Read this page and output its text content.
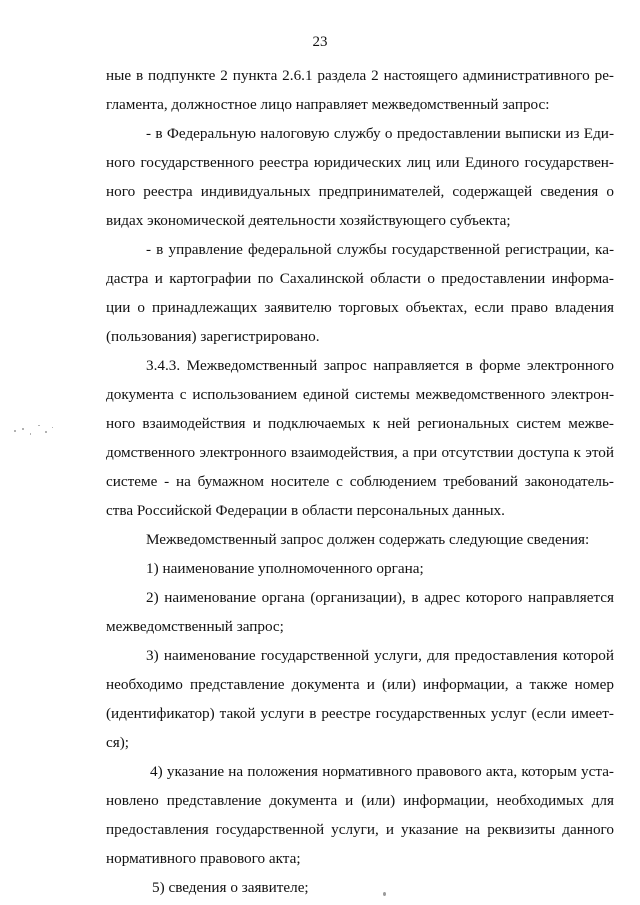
23
ные в подпункте 2 пункта 2.6.1 раздела 2 настоящего административного ре-
гламента, должностное лицо направляет межведомственный запрос:
- в Федеральную налоговую службу о предоставлении выписки из Еди-
ного государственного реестра юридических лиц или Единого государствен-
ного реестра индивидуальных предпринимателей, содержащей сведения о
видах экономической деятельности хозяйствующего субъекта;
- в управление федеральной службы государственной регистрации, ка-
дастра и картографии по Сахалинской области о предоставлении информа-
ции о принадлежащих заявителю торговых объектах, если право владения
(пользования) зарегистрировано.
3.4.3. Межведомственный запрос направляется в форме электронного
документа с использованием единой системы межведомственного электрон-
ного взаимодействия и подключаемых к ней региональных систем межве-
домственного электронного взаимодействия, а при отсутствии доступа к этой
системе - на бумажном носителе с соблюдением требований законодатель-
ства Российской Федерации в области персональных данных.
Межведомственный запрос должен содержать следующие сведения:
1) наименование уполномоченного органа;
2) наименование органа (организации), в адрес которого направляется
межведомственный запрос;
3) наименование государственной услуги, для предоставления которой
необходимо представление документа и (или) информации, а также номер
(идентификатор) такой услуги в реестре государственных услуг (если имеет-
ся);
4) указание на положения нормативного правового акта, которым уста-
новлено представление документа и (или) информации, необходимых для
предоставления государственной услуги, и указание на реквизиты данного
нормативного правового акта;
5) сведения о заявителе;
